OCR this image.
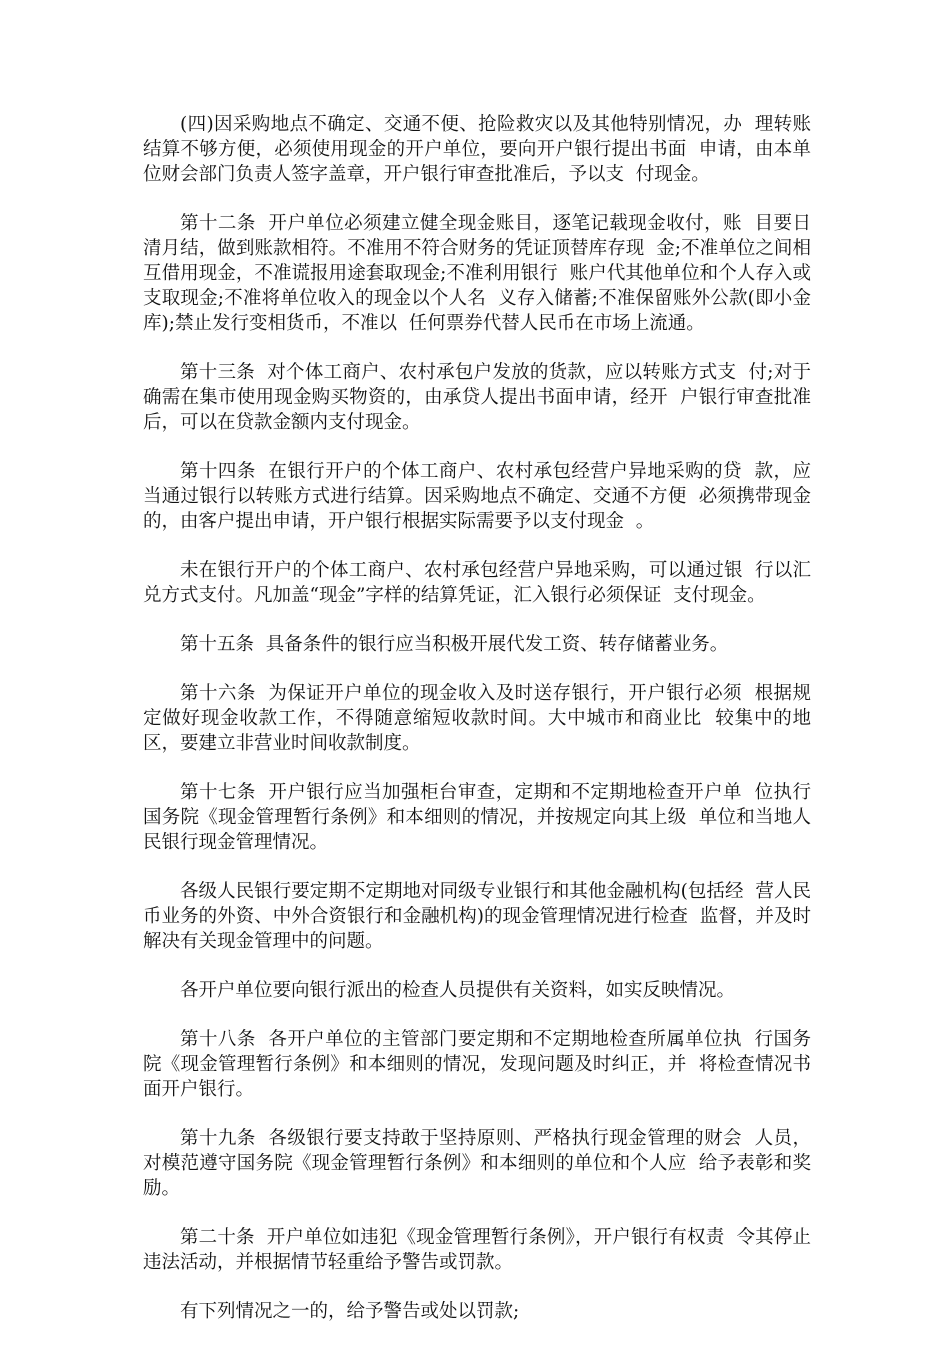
(四)因采购地点不确定、交通不便、抢险救灾以及其他特别情况，办  理转账结算不够方便，必须使用现金的开户单位，要向开户银行提出书面  申请，由本单位财会部门负责人签字盖章，开户银行审查批准后，予以支  付现金。

第十二条  开户单位必须建立健全现金账目，逐笔记载现金收付，账  目要日清月结，做到账款相符。不准用不符合财务的凭证顶替库存现  金;不准单位之间相互借用现金，不准谎报用途套取现金;不准利用银行  账户代其他单位和个人存入或支取现金;不准将单位收入的现金以个人名  义存入储蓄;不准保留账外公款(即小金库);禁止发行变相货币，不准以  任何票券代替人民币在市场上流通。

第十三条  对个体工商户、农村承包户发放的货款，应以转账方式支  付;对于确需在集市使用现金购买物资的，由承贷人提出书面申请，经开  户银行审查批准后，可以在贷款金额内支付现金。

第十四条  在银行开户的个体工商户、农村承包经营户异地采购的贷  款，应当通过银行以转账方式进行结算。因采购地点不确定、交通不方便  必须携带现金的，由客户提出申请，开户银行根据实际需要予以支付现金  。

未在银行开户的个体工商户、农村承包经营户异地采购，可以通过银  行以汇兑方式支付。凡加盖“现金”字样的结算凭证，汇入银行必须保证  支付现金。

第十五条  具备条件的银行应当积极开展代发工资、转存储蓄业务。

第十六条  为保证开户单位的现金收入及时送存银行，开户银行必须  根据规定做好现金收款工作，不得随意缩短收款时间。大中城市和商业比  较集中的地区，要建立非营业时间收款制度。

第十七条  开户银行应当加强柜台审查，定期和不定期地检查开户单  位执行国务院《现金管理暂行条例》和本细则的情况，并按规定向其上级  单位和当地人民银行现金管理情况。

各级人民银行要定期不定期地对同级专业银行和其他金融机构(包括经  营人民币业务的外资、中外合资银行和金融机构)的现金管理情况进行检查  监督，并及时解决有关现金管理中的问题。

各开户单位要向银行派出的检查人员提供有关资料，如实反映情况。

第十八条  各开户单位的主管部门要定期和不定期地检查所属单位执  行国务院《现金管理暂行条例》和本细则的情况，发现问题及时纠正，并  将检查情况书面开户银行。

第十九条  各级银行要支持敢于坚持原则、严格执行现金管理的财会  人员，对模范遵守国务院《现金管理暂行条例》和本细则的单位和个人应  给予表彰和奖励。

第二十条  开户单位如违犯《现金管理暂行条例》，开户银行有权责  令其停止违法活动，并根据情节轻重给予警告或罚款。

有下列情况之一的，给予警告或处以罚款;
